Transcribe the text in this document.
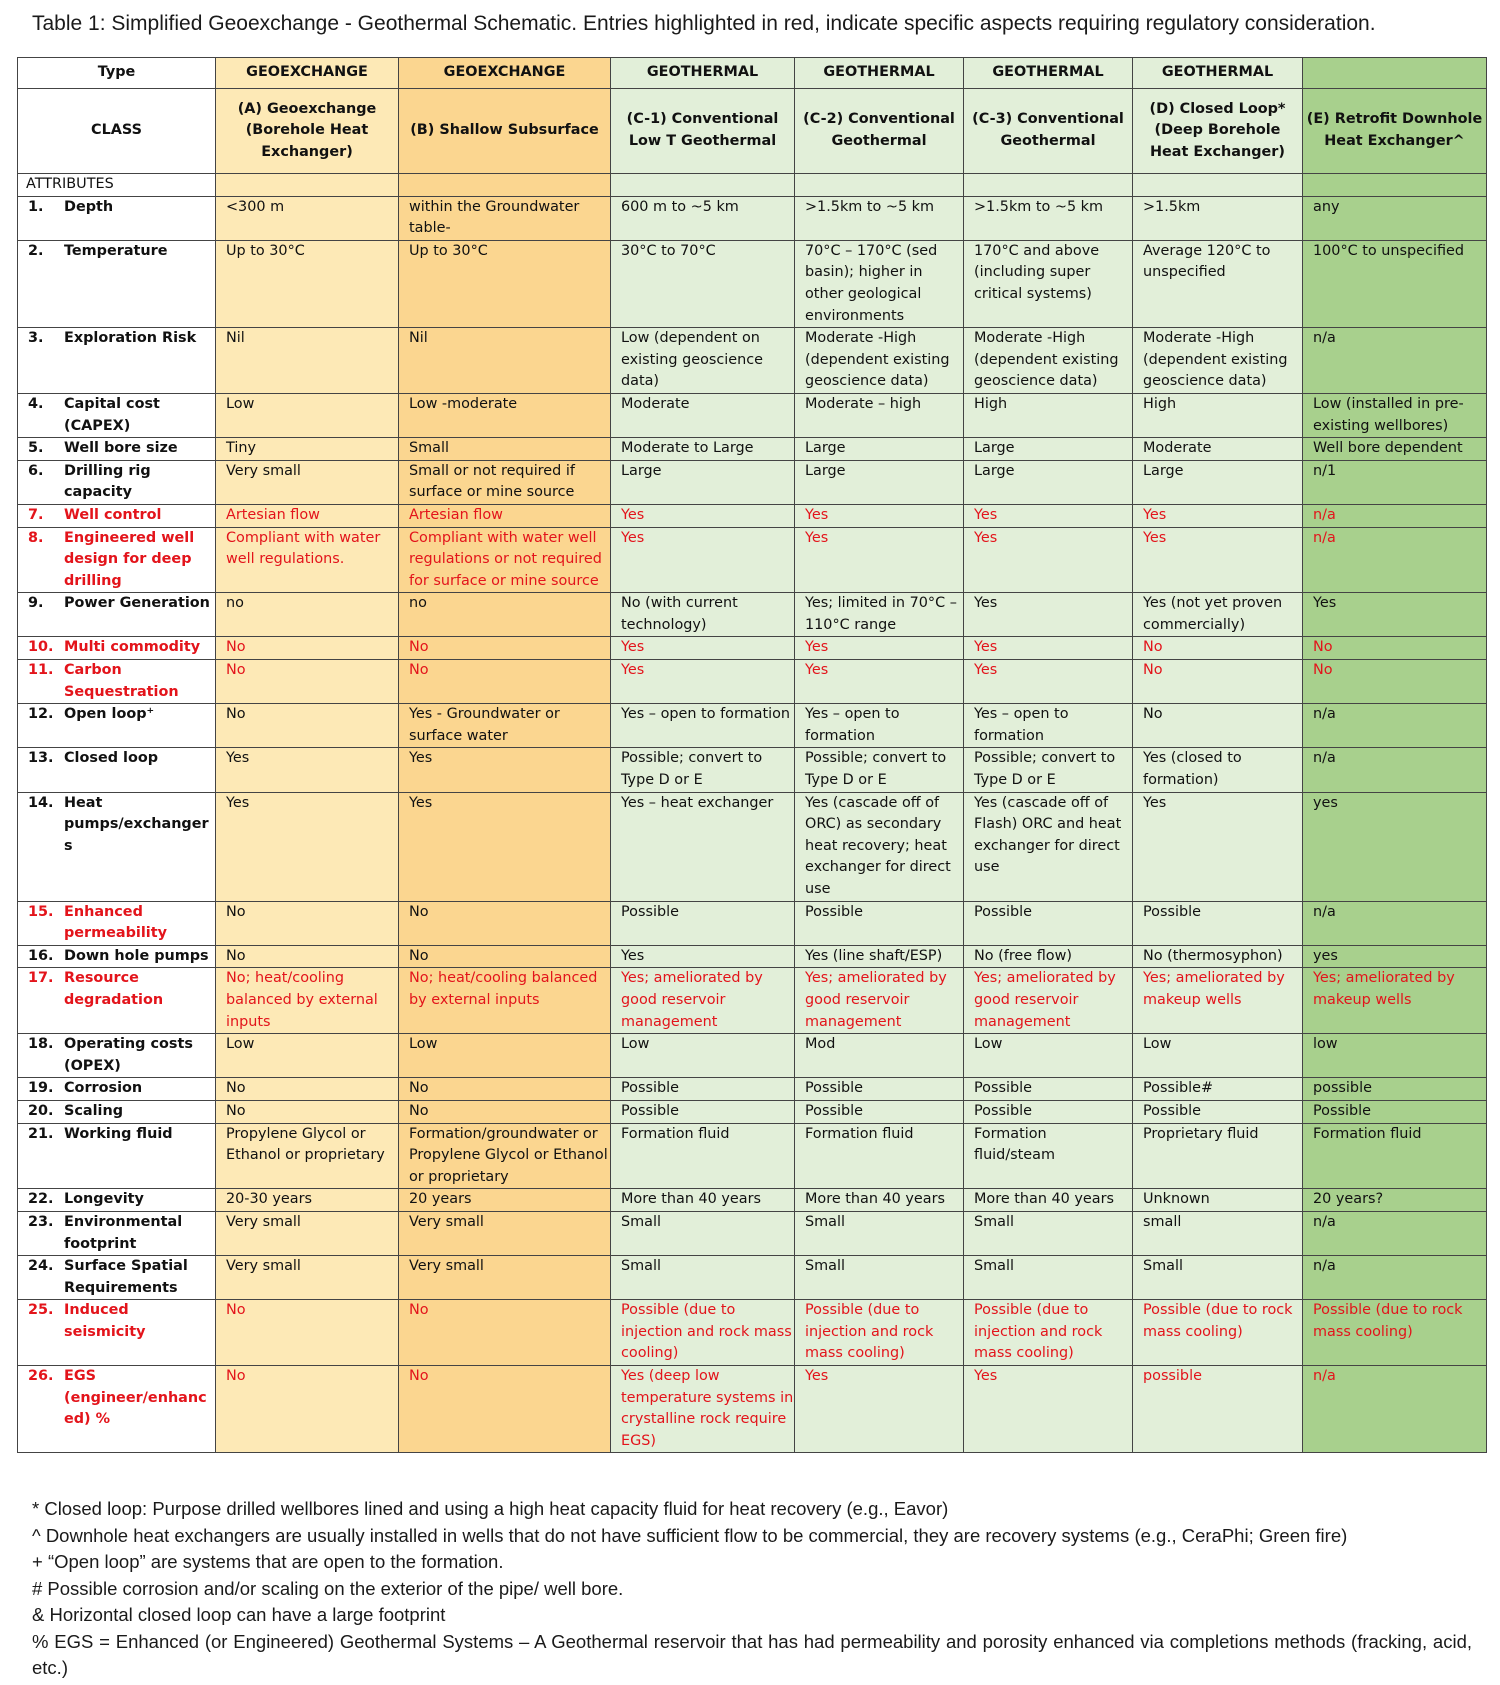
Table 1: Simplified Geoexchange - Geothermal Schematic. Entries highlighted in red, indicate specific aspects requiring regulatory consideration.
Type	GEOEXCHANGE	GEOEXCHANGE	GEOTHERMAL	GEOTHERMAL	GEOTHERMAL	GEOTHERMAL	
CLASS	(A) Geoexchange (Borehole Heat Exchanger)	(B) Shallow Subsurface	(C-1) Conventional Low T Geothermal	(C-2) Conventional Geothermal	(C-3) Conventional Geothermal	(D) Closed Loop* (Deep Borehole Heat Exchanger)	(E) Retrofit Downhole Heat Exchanger^
ATTRIBUTES							

1. Depth	<300 m	within the Groundwater table-	600 m to ~5 km	>1.5km to ~5 km	>1.5km to ~5 km	>1.5km	any

2. Temperature	Up to 30°C	Up to 30°C	30°C to 70°C	70°C – 170°C (sed basin); higher in other geological environments	170°C and above (including super critical systems)	Average 120°C to unspecified	100°C to unspecified

3. Exploration Risk	Nil	Nil	Low (dependent on existing geoscience data)	Moderate -High (dependent existing geoscience data)	Moderate -High (dependent existing geoscience data)	Moderate -High (dependent existing geoscience data)	n/a

4. Capital cost (CAPEX)	Low	Low -moderate	Moderate	Moderate – high	High	High	Low (installed in pre-existing wellbores)

5. Well bore size	Tiny	Small	Moderate to Large	Large	Large	Moderate	Well bore dependent

6. Drilling rig capacity	Very small	Small or not required if surface or mine source	Large	Large	Large	Large	n/1

7. Well control	Artesian flow	Artesian flow	Yes	Yes	Yes	Yes	n/a

8. Engineered well design for deep drilling	Compliant with water well regulations.	Compliant with water well regulations or not required for surface or mine source	Yes	Yes	Yes	Yes	n/a

9. Power Generation	no	no	No (with current technology)	Yes; limited in 70°C – 110°C range	Yes	Yes (not yet proven commercially)	Yes

10. Multi commodity	No	No	Yes	Yes	Yes	No	No

11. Carbon Sequestration	No	No	Yes	Yes	Yes	No	No

12. Open loop⁺	No	Yes - Groundwater or surface water	Yes – open to formation	Yes – open to formation	Yes – open to formation	No	n/a

13. Closed loop	Yes	Yes	Possible; convert to Type D or E	Possible; convert to Type D or E	Possible; convert to Type D or E	Yes (closed to formation)	n/a

14. Heat pumps/exchangers	Yes	Yes	Yes – heat exchanger	Yes (cascade off of ORC) as secondary heat recovery; heat exchanger for direct use	Yes (cascade off of Flash) ORC and heat exchanger for direct use	Yes	yes

15. Enhanced permeability	No	No	Possible	Possible	Possible	Possible	n/a

16. Down hole pumps	No	No	Yes	Yes (line shaft/ESP)	No (free flow)	No (thermosyphon)	yes

17. Resource degradation	No; heat/cooling balanced by external inputs	No; heat/cooling balanced by external inputs	Yes; ameliorated by good reservoir management	Yes; ameliorated by good reservoir management	Yes; ameliorated by good reservoir management	Yes; ameliorated by makeup wells	Yes; ameliorated by makeup wells

18. Operating costs (OPEX)	Low	Low	Low	Mod	Low	Low	low

19. Corrosion	No	No	Possible	Possible	Possible	Possible#	possible

20. Scaling	No	No	Possible	Possible	Possible	Possible	Possible

21. Working fluid	Propylene Glycol or Ethanol or proprietary	Formation/groundwater or Propylene Glycol or Ethanol or proprietary	Formation fluid	Formation fluid	Formation fluid/steam	Proprietary fluid	Formation fluid

22. Longevity	20-30 years	20 years	More than 40 years	More than 40 years	More than 40 years	Unknown	20 years?

23. Environmental footprint	Very small	Very small	Small	Small	Small	small	n/a

24. Surface Spatial Requirements	Very small	Very small	Small	Small	Small	Small	n/a

25. Induced seismicity	No	No	Possible (due to injection and rock mass cooling)	Possible (due to injection and rock mass cooling)	Possible (due to injection and rock mass cooling)	Possible (due to rock mass cooling)	Possible (due to rock mass cooling)

26. EGS (engineer/enhanced) %	No	No	Yes (deep low temperature systems in crystalline rock require EGS)	Yes	Yes	possible	n/a
* Closed loop: Purpose drilled wellbores lined and using a high heat capacity fluid for heat recovery (e.g., Eavor)
^ Downhole heat exchangers are usually installed in wells that do not have sufficient flow to be commercial, they are recovery systems (e.g., CeraPhi; Green fire)
+ “Open loop” are systems that are open to the formation.
# Possible corrosion and/or scaling on the exterior of the pipe/ well bore.
& Horizontal closed loop can have a large footprint
% EGS = Enhanced (or Engineered) Geothermal Systems – A Geothermal reservoir that has had permeability and porosity enhanced via completions methods (fracking, acid, etc.)
